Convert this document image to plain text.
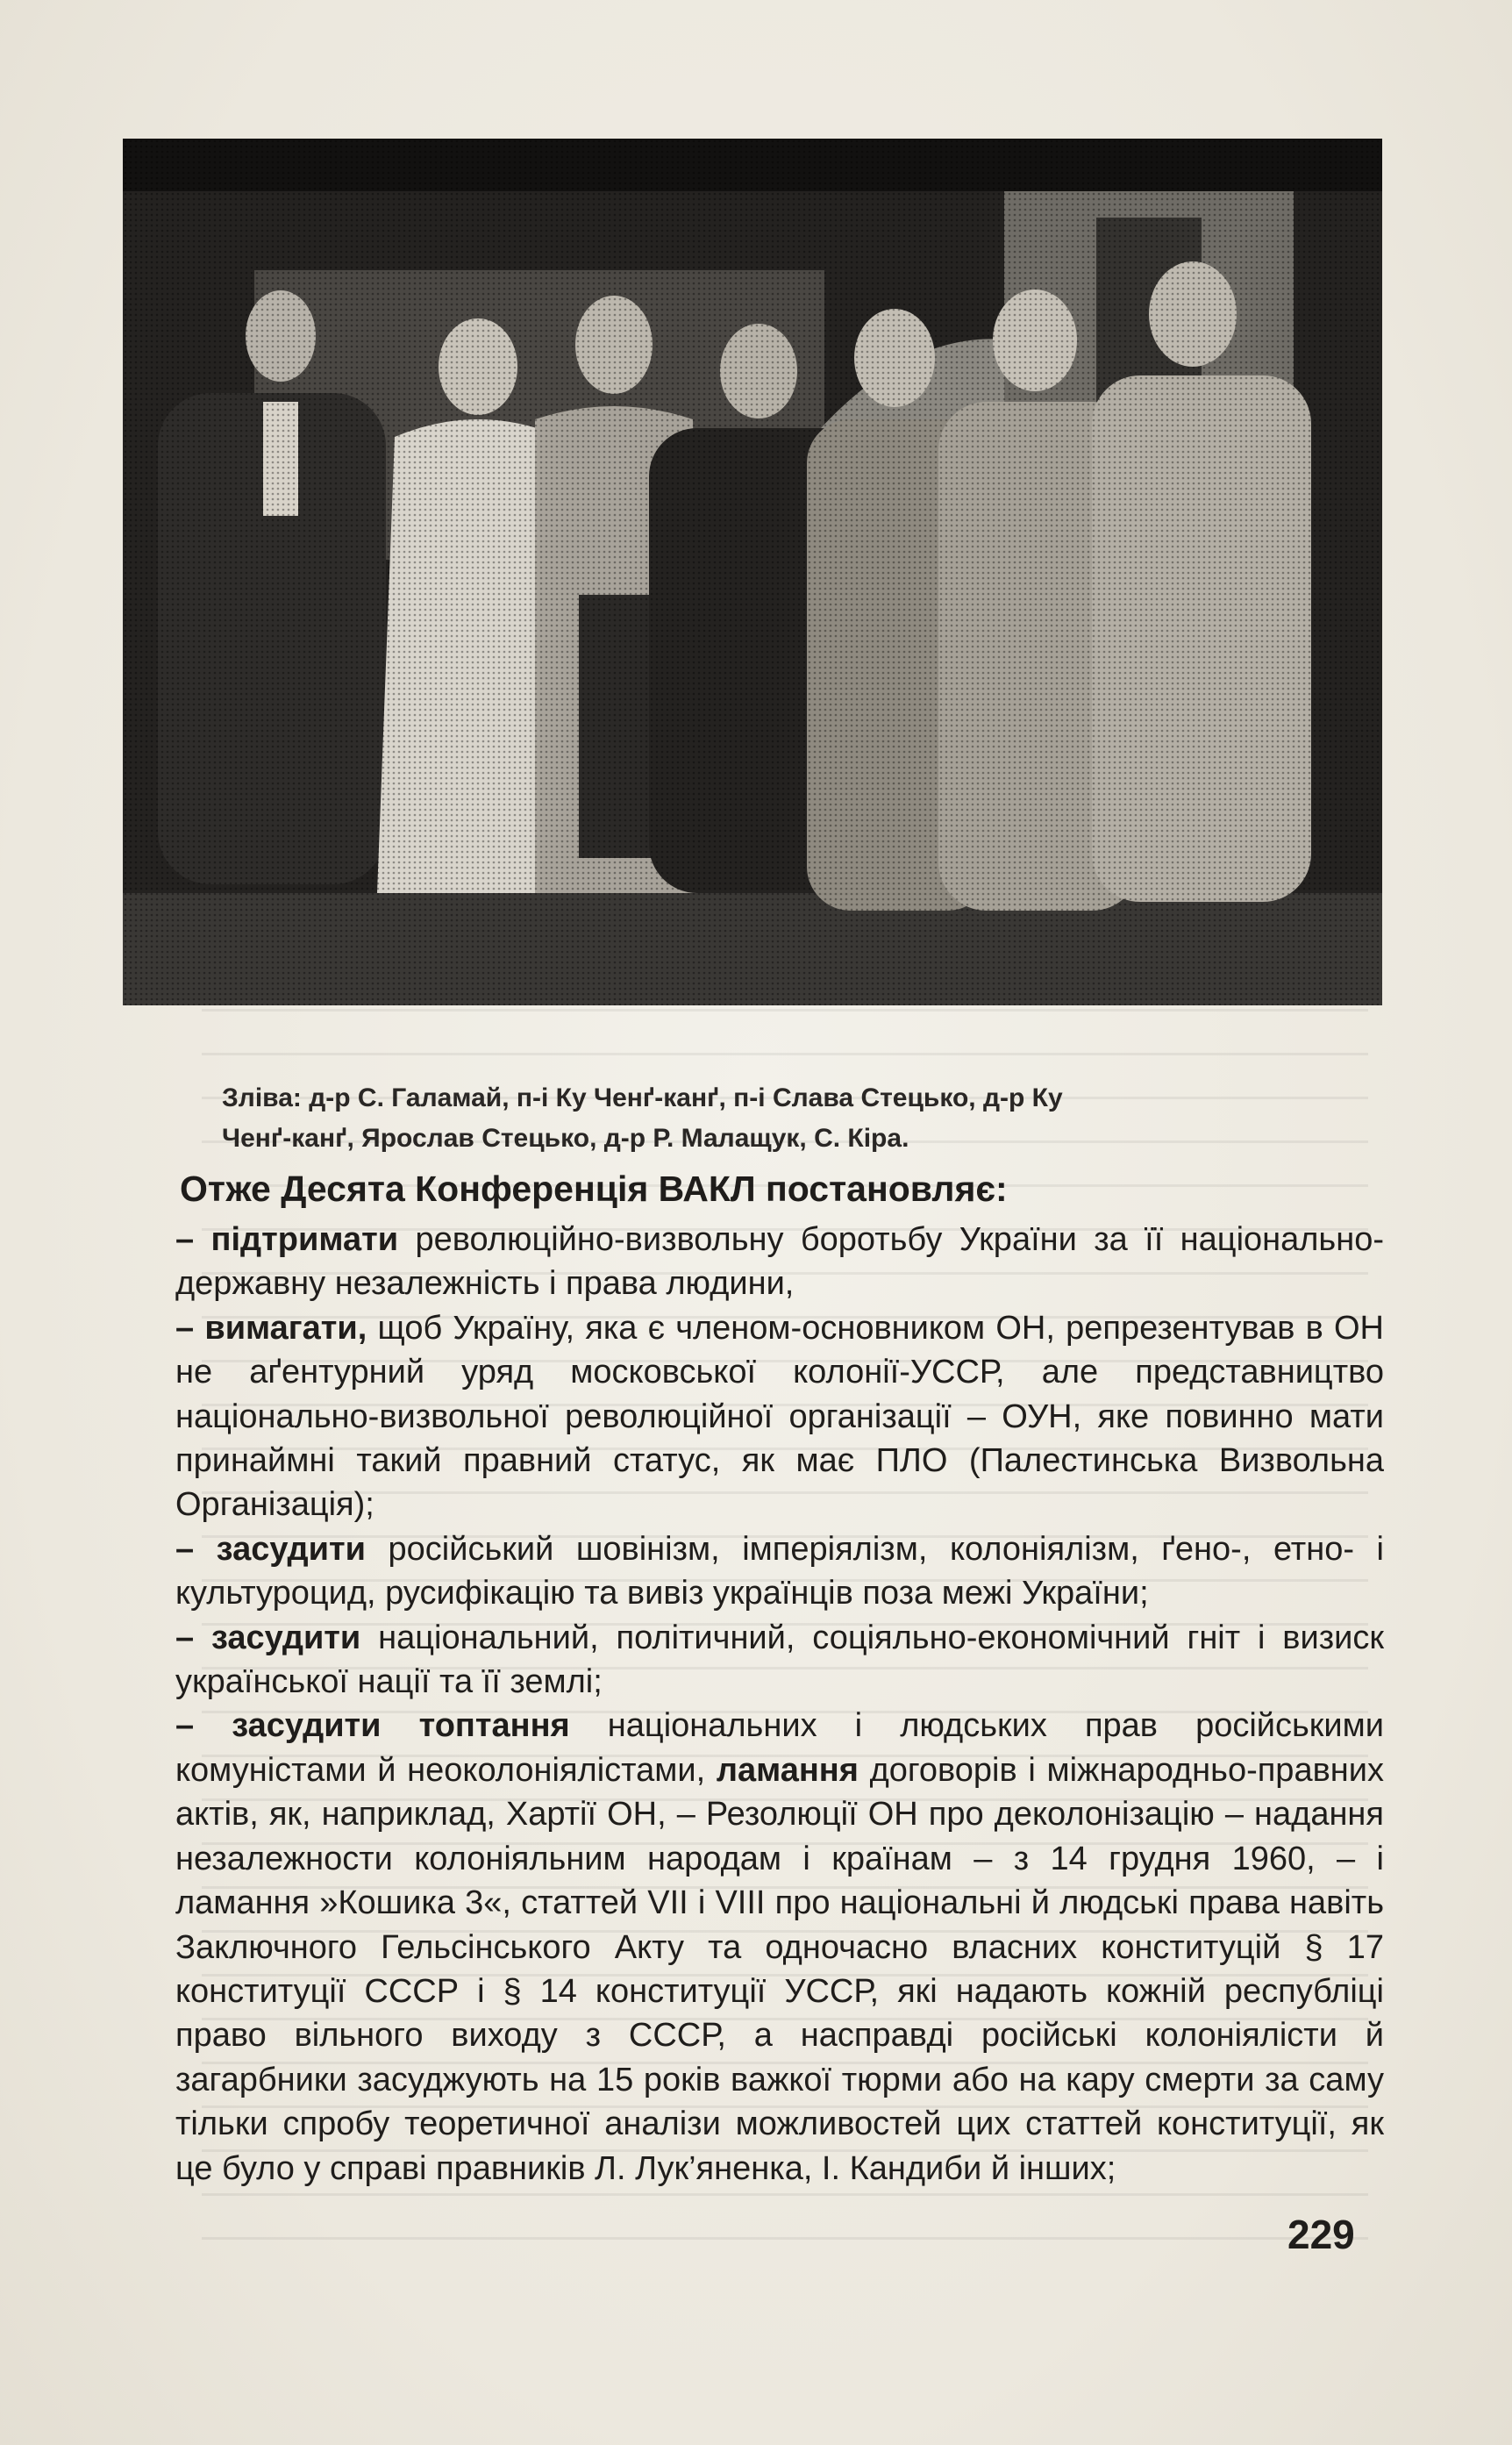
Зліва: д-р С. Галамай, п-і Ку Ченґ-канґ, п-і Слава Стецько, д-р Ку

Ченґ-канґ, Ярослав Стецько, д-р Р. Малащук, С. Кіра.

Отже Десята Конференція ВАКЛ постановляє:

– підтримати революційно-визвольну боротьбу України за її національно-державну незалежність і права людини,

– вимагати, щоб Україну, яка є членом-основником ОН, репрезентував в ОН не аґентурний уряд московської колонії-УССР, але представництво національно-визвольної революційної організації – ОУН, яке повинно мати принаймні такий правний статус, як має ПЛО (Палестинська Визвольна Організація);

– засудити російський шовінізм, імперіялізм, колоніялізм, ґено-, етно- і культуроцид, русифікацію та вивіз українців поза межі України;

– засудити національний, політичний, соціяльно-економічний гніт і визиск української нації та її землі;

– засудити топтання національних і людських прав російськими комуністами й неоколоніялістами, ламання договорів і міжнародньо-правних актів, як, наприклад, Хартії ОН, – Резолюції ОН про деколонізацію – надання незалежности колоніяльним народам і країнам – з 14 грудня 1960, – і ламання »Кошика 3«, статтей VII і VIII про національні й людські права навіть Заключного Гельсінського Акту та одночасно власних конституцій § 17 конституції СССР і § 14 конституції УССР, які надають кожній республіці право вільного виходу з СССР, а насправді російські колоніялісти й загарбники засуджують на 15 років важкої тюрми або на кару смерти за саму тільки спробу теоретичної аналізи можливостей цих статтей конституції, як це було у справі правників Л. Лук’яненка, І. Кандиби й інших;

229
